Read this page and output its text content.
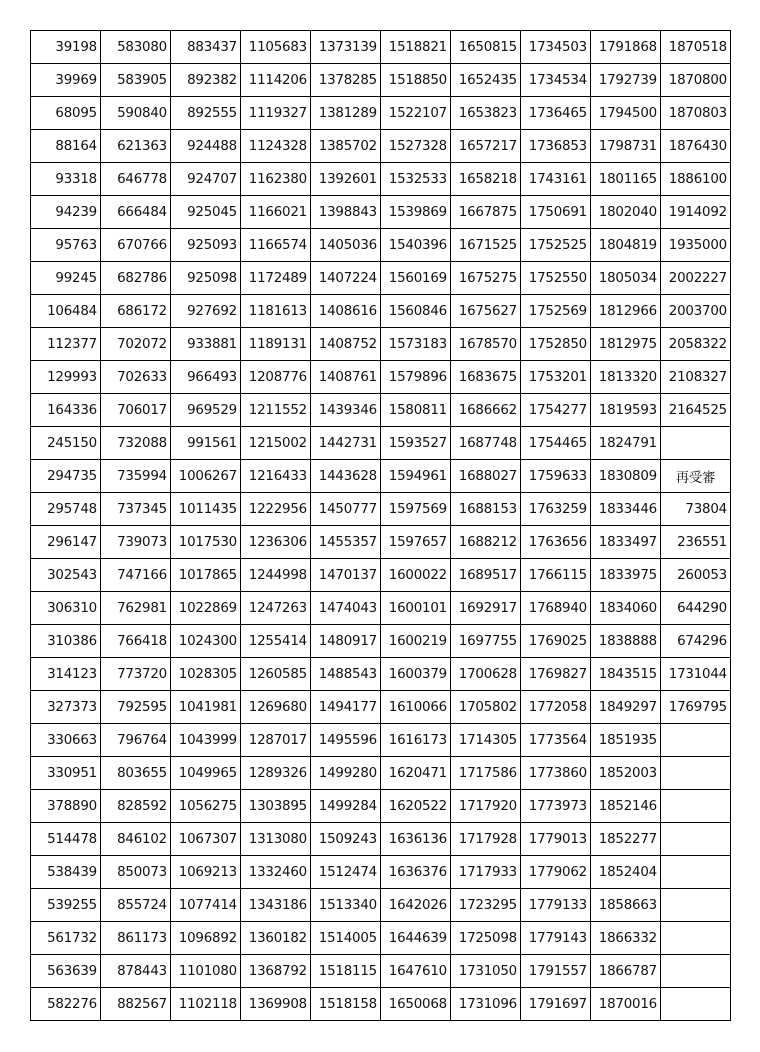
39198	583080	883437	1105683	1373139	1518821	1650815	1734503	1791868	1870518
39969	583905	892382	1114206	1378285	1518850	1652435	1734534	1792739	1870800
68095	590840	892555	1119327	1381289	1522107	1653823	1736465	1794500	1870803
88164	621363	924488	1124328	1385702	1527328	1657217	1736853	1798731	1876430
93318	646778	924707	1162380	1392601	1532533	1658218	1743161	1801165	1886100
94239	666484	925045	1166021	1398843	1539869	1667875	1750691	1802040	1914092
95763	670766	925093	1166574	1405036	1540396	1671525	1752525	1804819	1935000
99245	682786	925098	1172489	1407224	1560169	1675275	1752550	1805034	2002227
106484	686172	927692	1181613	1408616	1560846	1675627	1752569	1812966	2003700
112377	702072	933881	1189131	1408752	1573183	1678570	1752850	1812975	2058322
129993	702633	966493	1208776	1408761	1579896	1683675	1753201	1813320	2108327
164336	706017	969529	1211552	1439346	1580811	1686662	1754277	1819593	2164525
245150	732088	991561	1215002	1442731	1593527	1687748	1754465	1824791	
294735	735994	1006267	1216433	1443628	1594961	1688027	1759633	1830809	再受審
295748	737345	1011435	1222956	1450777	1597569	1688153	1763259	1833446	73804
296147	739073	1017530	1236306	1455357	1597657	1688212	1763656	1833497	236551
302543	747166	1017865	1244998	1470137	1600022	1689517	1766115	1833975	260053
306310	762981	1022869	1247263	1474043	1600101	1692917	1768940	1834060	644290
310386	766418	1024300	1255414	1480917	1600219	1697755	1769025	1838888	674296
314123	773720	1028305	1260585	1488543	1600379	1700628	1769827	1843515	1731044
327373	792595	1041981	1269680	1494177	1610066	1705802	1772058	1849297	1769795
330663	796764	1043999	1287017	1495596	1616173	1714305	1773564	1851935	
330951	803655	1049965	1289326	1499280	1620471	1717586	1773860	1852003	
378890	828592	1056275	1303895	1499284	1620522	1717920	1773973	1852146	
514478	846102	1067307	1313080	1509243	1636136	1717928	1779013	1852277	
538439	850073	1069213	1332460	1512474	1636376	1717933	1779062	1852404	
539255	855724	1077414	1343186	1513340	1642026	1723295	1779133	1858663	
561732	861173	1096892	1360182	1514005	1644639	1725098	1779143	1866332	
563639	878443	1101080	1368792	1518115	1647610	1731050	1791557	1866787	
582276	882567	1102118	1369908	1518158	1650068	1731096	1791697	1870016	
